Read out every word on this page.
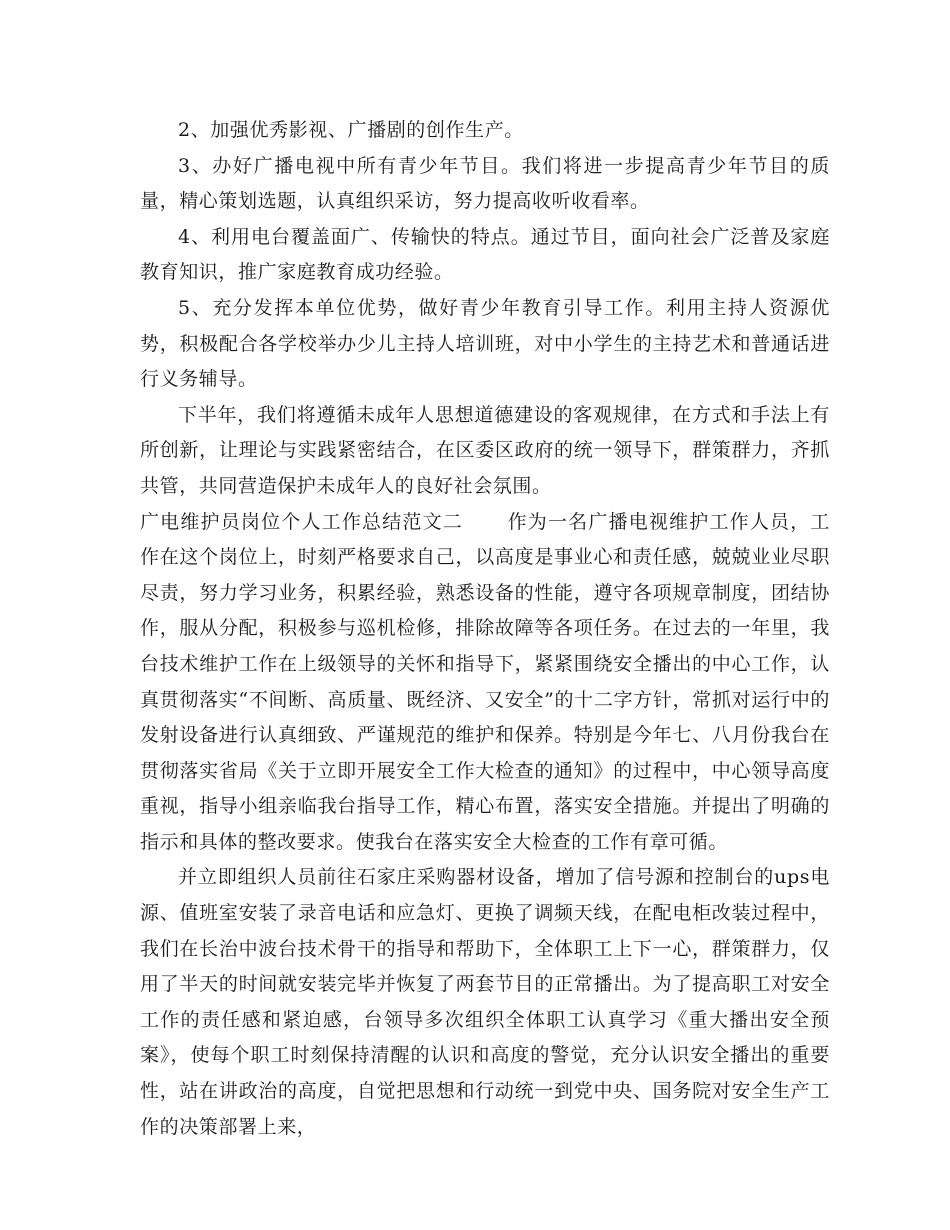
2、加强优秀影视、广播剧的创作生产。

3、办好广播电视中所有青少年节目。我们将进一步提高青少年节目的质量，精心策划选题，认真组织采访，努力提高收听收看率。

4、利用电台覆盖面广、传输快的特点。通过节目，面向社会广泛普及家庭教育知识，推广家庭教育成功经验。

5、充分发挥本单位优势，做好青少年教育引导工作。利用主持人资源优势，积极配合各学校举办少儿主持人培训班，对中小学生的主持艺术和普通话进行义务辅导。

下半年，我们将遵循未成年人思想道德建设的客观规律，在方式和手法上有所创新，让理论与实践紧密结合，在区委区政府的统一领导下，群策群力，齐抓共管，共同营造保护未成年人的良好社会氛围。

广电维护员岗位个人工作总结范文二 作为一名广播电视维护工作人员，工作在这个岗位上，时刻严格要求自己，以高度是事业心和责任感，兢兢业业尽职尽责，努力学习业务，积累经验，熟悉设备的性能，遵守各项规章制度，团结协作，服从分配，积极参与巡机检修，排除故障等各项任务。在过去的一年里，我台技术维护工作在上级领导的关怀和指导下，紧紧围绕安全播出的中心工作，认真贯彻落实“不间断、高质量、既经济、又安全”的十二字方针，常抓对运行中的发射设备进行认真细致、严谨规范的维护和保养。特别是今年七、八月份我台在贯彻落实省局《关于立即开展安全工作大检查的通知》的过程中，中心领导高度重视，指导小组亲临我台指导工作，精心布置，落实安全措施。并提出了明确的指示和具体的整改要求。使我台在落实安全大检查的工作有章可循。

并立即组织人员前往石家庄采购器材设备，增加了信号源和控制台的ups电源、值班室安装了录音电话和应急灯、更换了调频天线，在配电柜改装过程中，我们在长治中波台技术骨干的指导和帮助下，全体职工上下一心，群策群力，仅用了半天的时间就安装完毕并恢复了两套节目的正常播出。为了提高职工对安全工作的责任感和紧迫感，台领导多次组织全体职工认真学习《重大播出安全预案》，使每个职工时刻保持清醒的认识和高度的警觉，充分认识安全播出的重要性，站在讲政治的高度，自觉把思想和行动统一到党中央、国务院对安全生产工作的决策部署上来，
